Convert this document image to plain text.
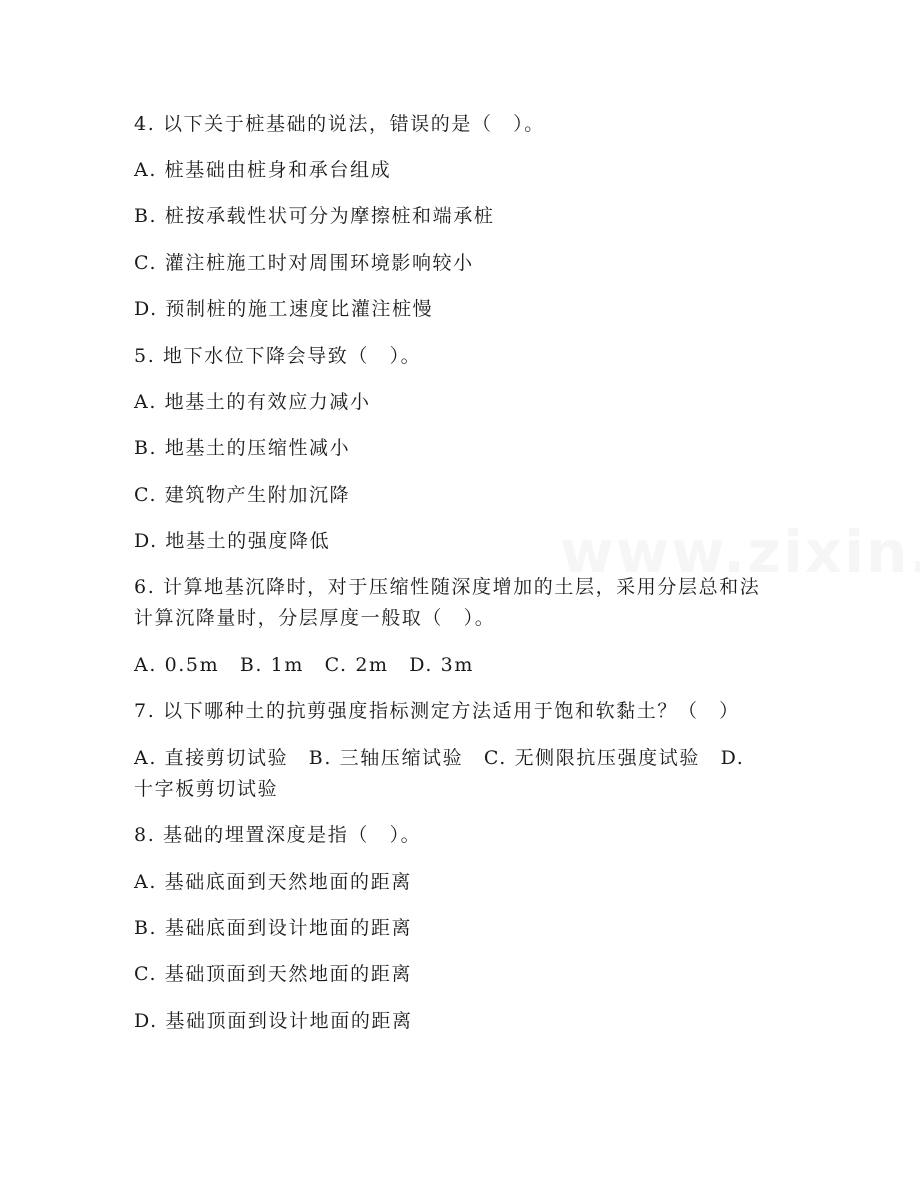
4. 以下关于桩基础的说法，错误的是（　）。
A. 桩基础由桩身和承台组成
B. 桩按承载性状可分为摩擦桩和端承桩
C. 灌注桩施工时对周围环境影响较小
D. 预制桩的施工速度比灌注桩慢
5. 地下水位下降会导致（　）。
A. 地基土的有效应力减小
B. 地基土的压缩性减小
C. 建筑物产生附加沉降
D. 地基土的强度降低
6. 计算地基沉降时，对于压缩性随深度增加的土层，采用分层总和法
计算沉降量时，分层厚度一般取（　）。
A. 0.5m　B. 1m　C. 2m　D. 3m
7. 以下哪种土的抗剪强度指标测定方法适用于饱和软黏土？（　）
A. 直接剪切试验　B. 三轴压缩试验　C. 无侧限抗压强度试验　D.
十字板剪切试验
8. 基础的埋置深度是指（　）。
A. 基础底面到天然地面的距离
B. 基础底面到设计地面的距离
C. 基础顶面到天然地面的距离
D. 基础顶面到设计地面的距离
